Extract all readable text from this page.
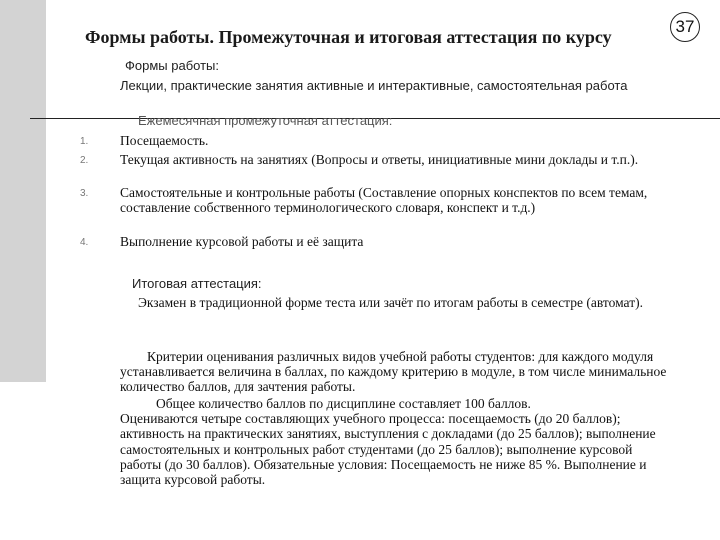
Формы работы. Промежуточная и итоговая аттестация по курсу
37

Формы работы:

Лекции, практические занятия активные и интерактивные, самостоятельная работа

Ежемесячная промежуточная аттестация:

1. Посещаемость.
2. Текущая активность на занятиях (Вопросы и ответы, инициативные мини доклады и т.п.).
3. Самостоятельные и контрольные работы (Составление опорных конспектов по всем темам, составление собственного терминологического словаря, конспект и т.д.)
4. Выполнение курсовой работы и её защита

Итоговая аттестация:

Экзамен в традиционной форме теста или зачёт по итогам работы в семестре (автомат).

Критерии оценивания различных видов учебной работы студентов: для каждого модуля устанавливается величина в баллах, по каждому критерию в модуле, в том числе минимальное количество баллов, для зачтения работы.

Общее количество баллов по дисциплине составляет 100 баллов.
Оцениваются четыре составляющих учебного процесса: посещаемость (до 20 баллов); активность на практических занятиях, выступления с докладами (до 25 баллов); выполнение самостоятельных и контрольных работ студентами (до 25 баллов); выполнение курсовой работы (до 30 баллов). Обязательные условия: Посещаемость не ниже 85 %. Выполнение и защита курсовой работы.
